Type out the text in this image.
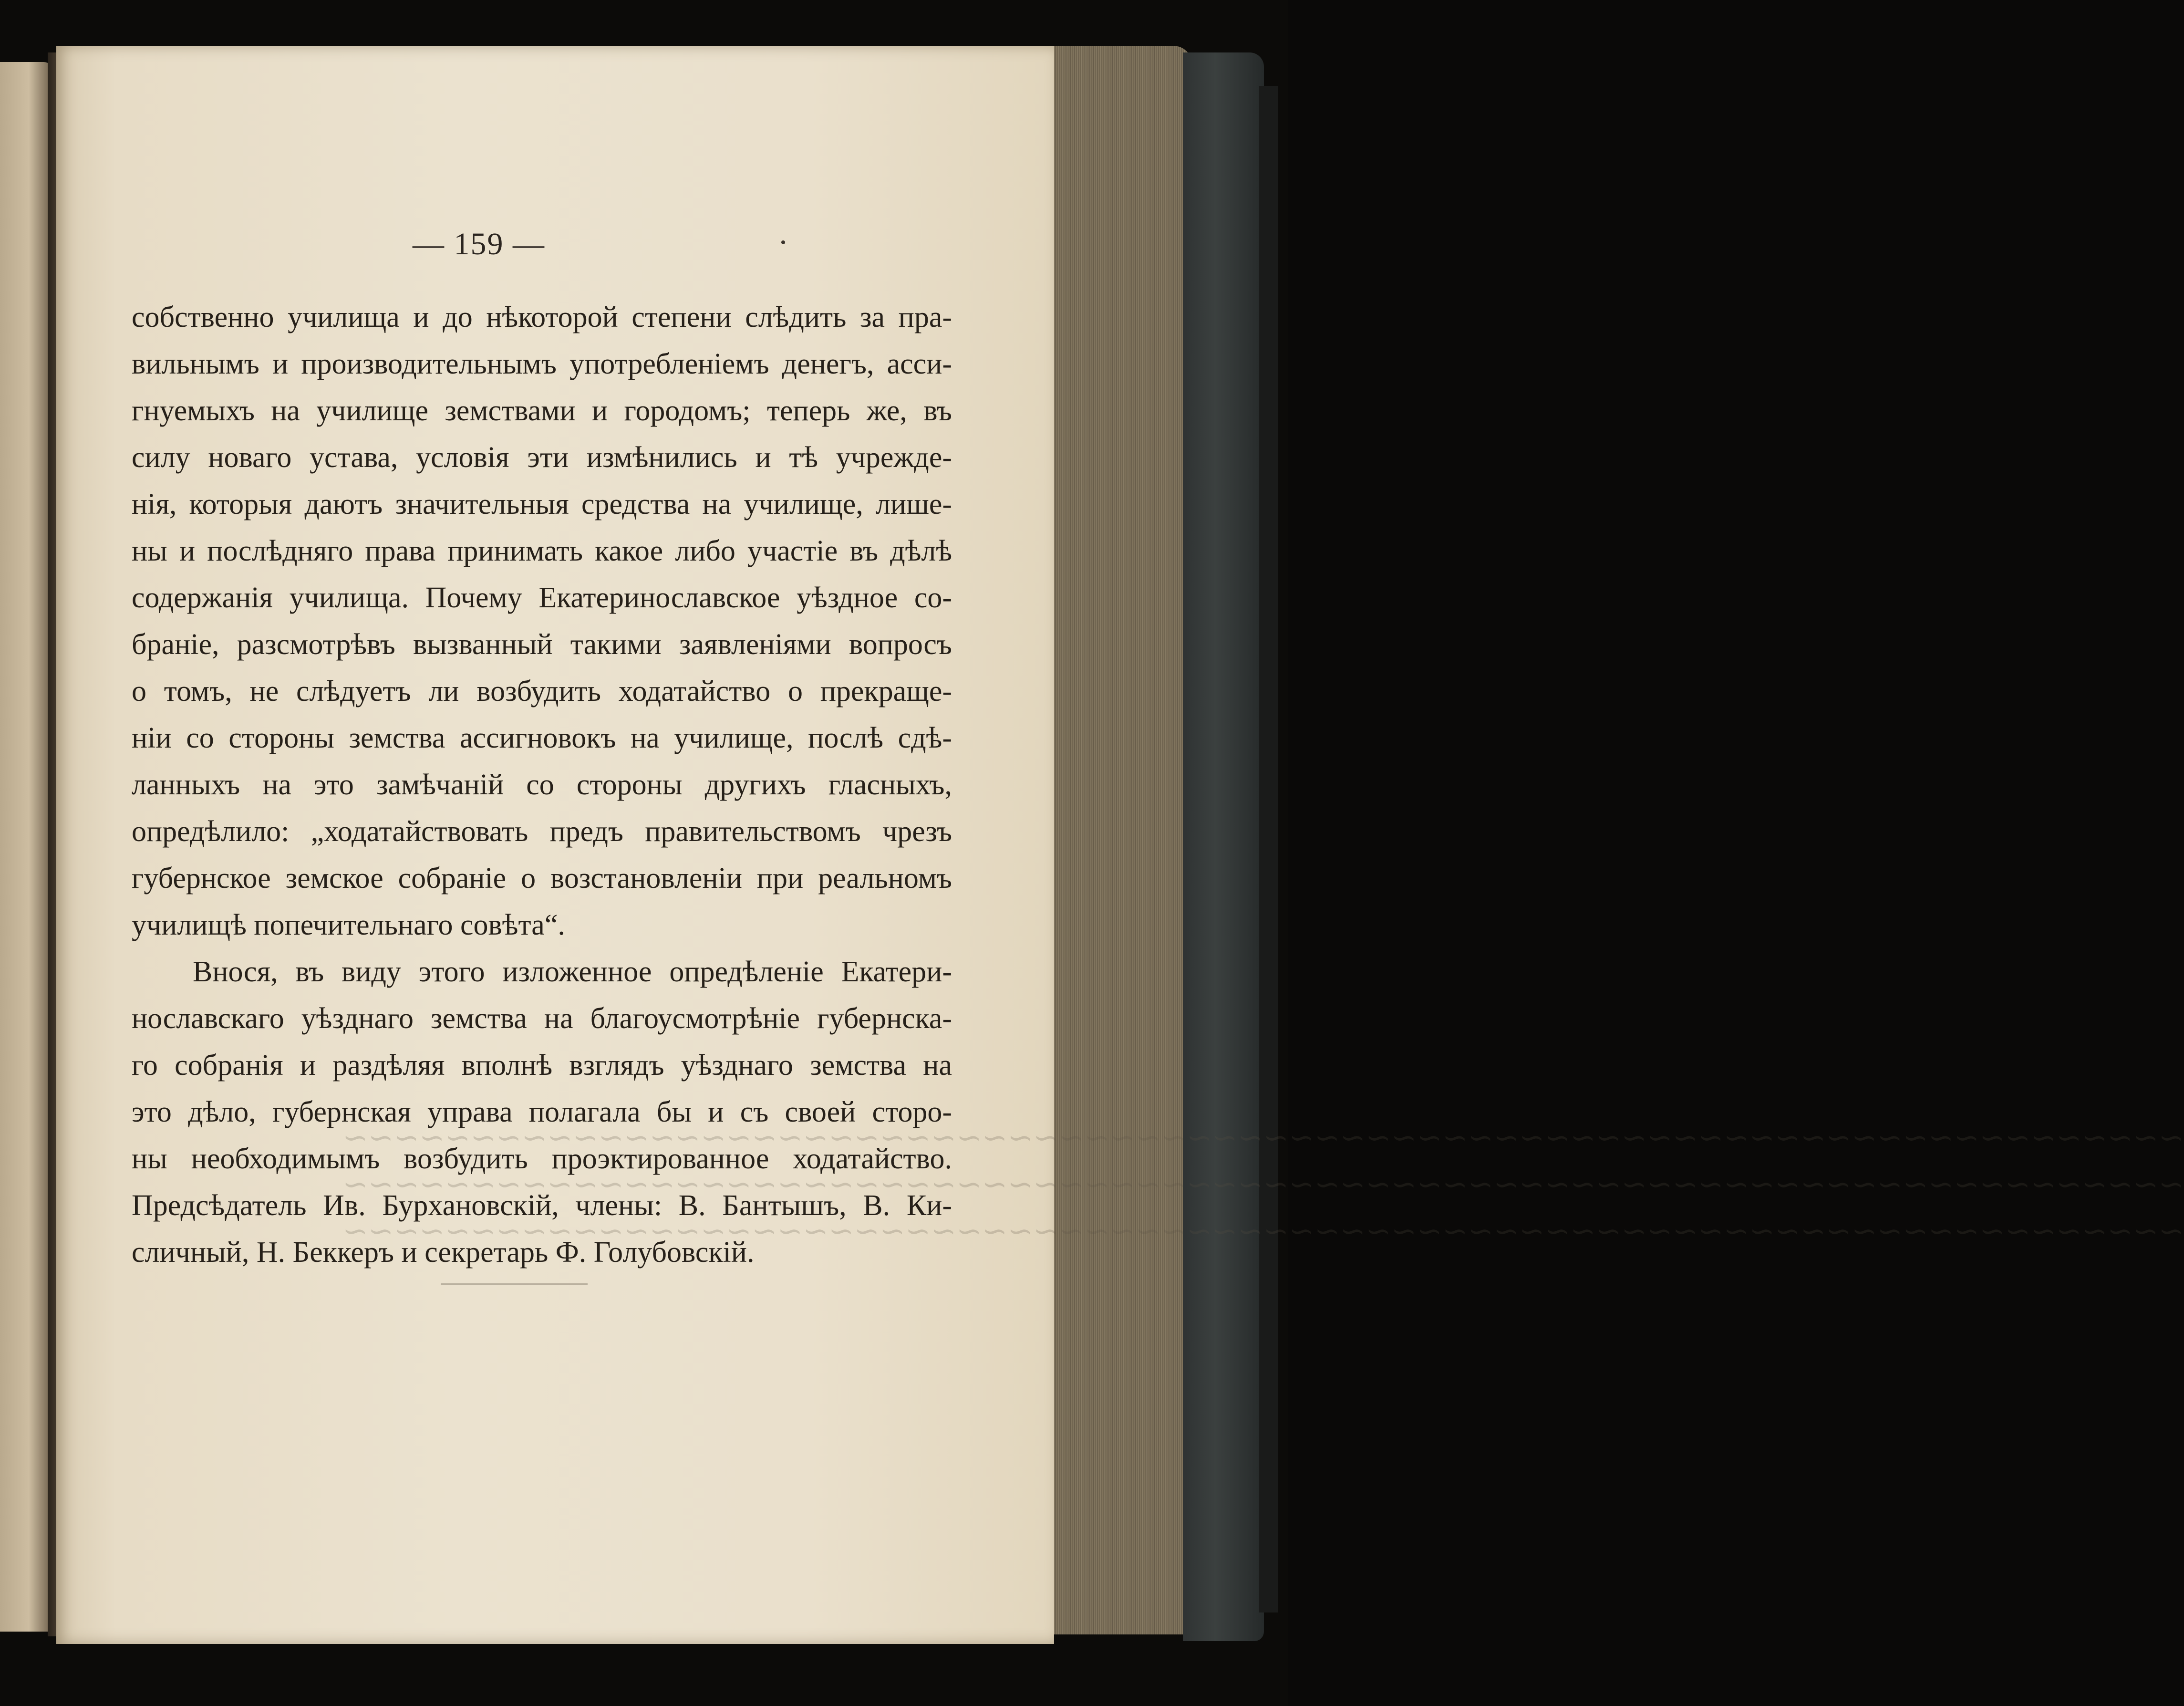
~~~~~~~~~~~~~~~~~~~~~~~~~~~~~~~~~~~~~~~~~~~~~~~~~~~~~~~~~~~~~~~~~~~~~~~~
~~~~~~~~~~~~~~~~~~~~~~~~~~~~~~~~~~~~~~~~~~~~~~~~~~~~~~~~~~~~~~~~~~~~~~~~
~~~~~~~~~~~~~~~~~~~~~~~~~~~~~~~~~~~~~~~~~~~~~~~~~~~~~~~~~~~~~~~~~~~~~~~~
— 159 —
собственно училища и до нѣкоторой степени слѣдить за пра-
вильнымъ и производительнымъ употребленіемъ денегъ, асси-
гнуемыхъ на училище земствами и городомъ; теперь же, въ
силу новаго устава, условія эти измѣнились и тѣ учрежде-
нія, которыя даютъ значительныя средства на училище, лише-
ны и послѣдняго права принимать какое либо участіе въ дѣлѣ
содержанія училища. Почему Екатеринославское уѣздное со-
браніе, разсмотрѣвъ вызванный такими заявленіями вопросъ
о томъ, не слѣдуетъ ли возбудить ходатайство о прекраще-
ніи со стороны земства ассигновокъ на училище, послѣ сдѣ-
ланныхъ на это замѣчаній со стороны другихъ гласныхъ,
опредѣлило: „ходатайствовать предъ правительствомъ чрезъ
губернское земское собраніе о возстановленіи при реальномъ
училищѣ попечительнаго совѣта“.
Внося, въ виду этого изложенное опредѣленіе Екатери-
нославскаго уѣзднаго земства на благоусмотрѣніе губернска-
го собранія и раздѣляя вполнѣ взглядъ уѣзднаго земства на
это дѣло, губернская управа полагала бы и съ своей сторо-
ны необходимымъ возбудить проэктированное ходатайство.
Предсѣдатель Ив. Бурхановскій, члены: В. Бантышъ, В. Ки-
сличный, Н. Беккеръ и секретарь Ф. Голубовскій.
